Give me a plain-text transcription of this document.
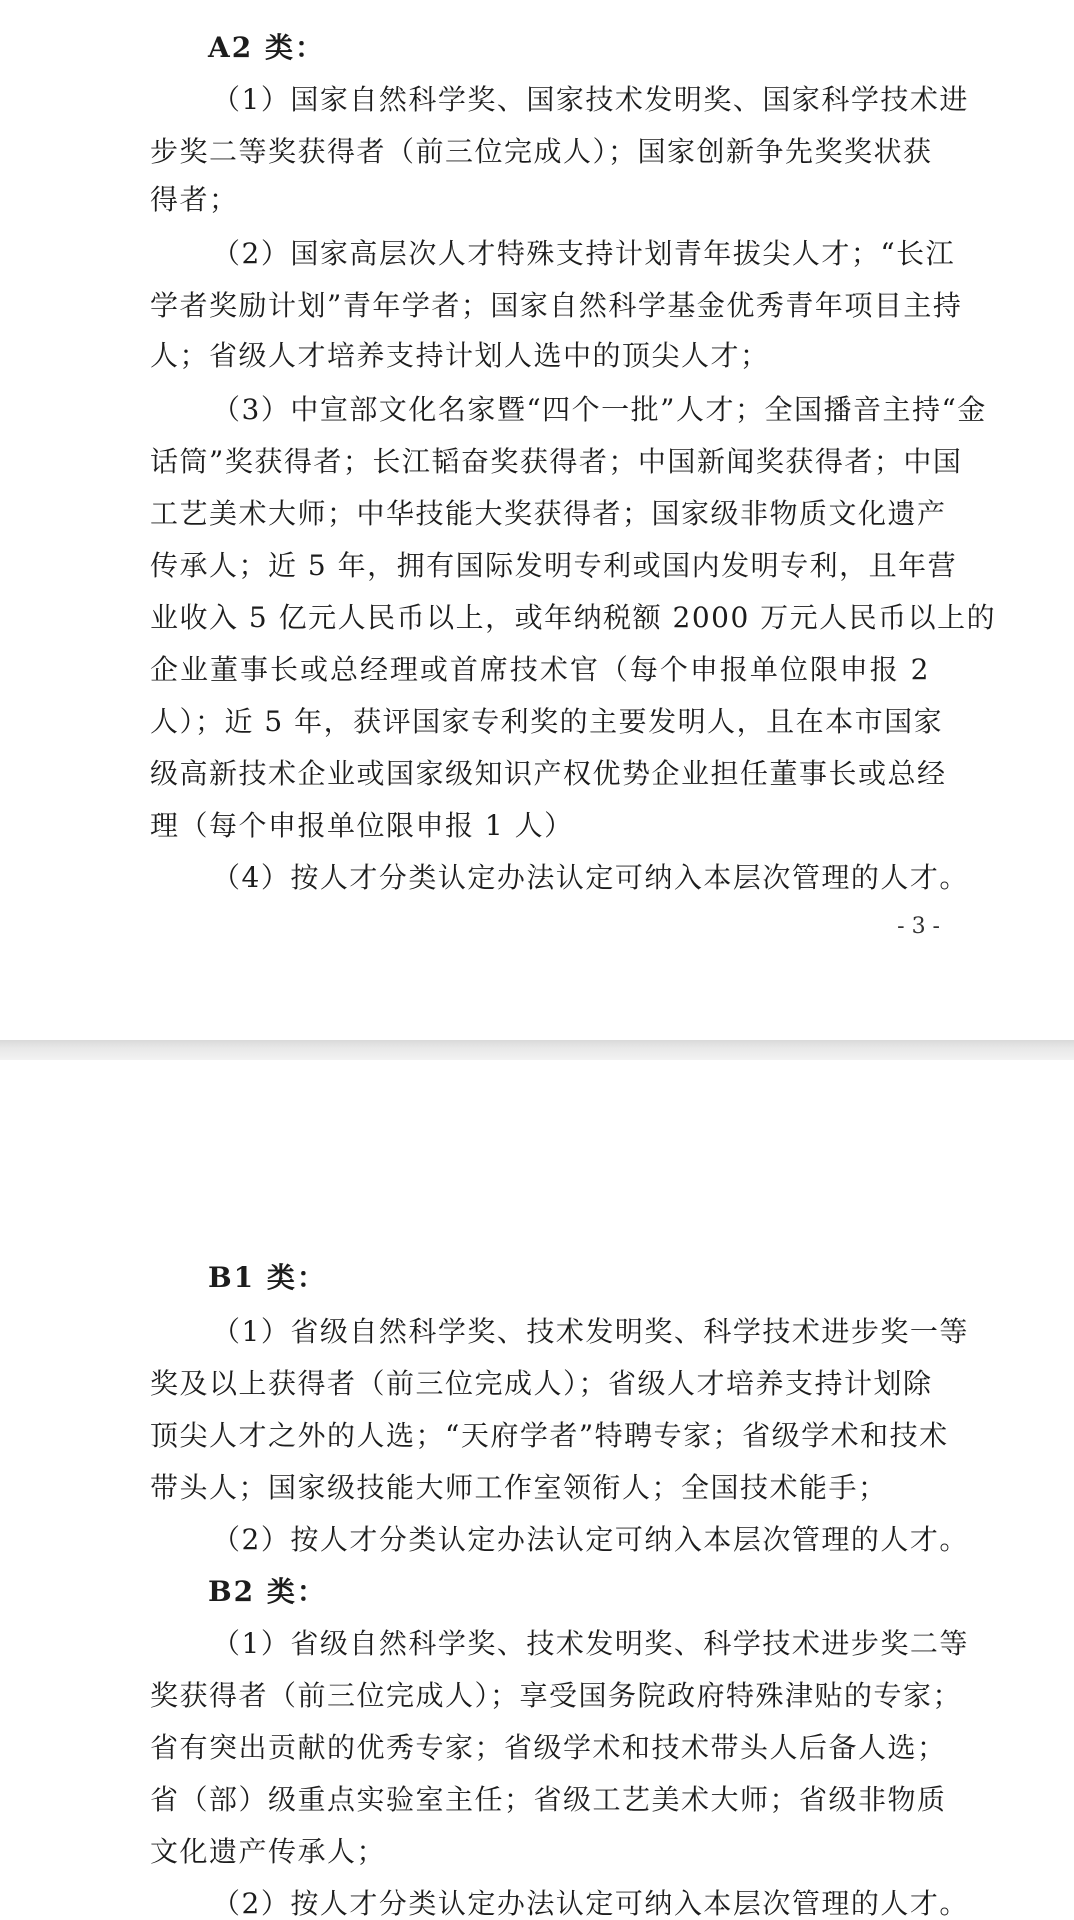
A2 类：
（1）国家自然科学奖、国家技术发明奖、国家科学技术进
步奖二等奖获得者（前三位完成人）；国家创新争先奖奖状获
得者；
（2）国家高层次人才特殊支持计划青年拔尖人才；“长江
学者奖励计划”青年学者；国家自然科学基金优秀青年项目主持
人；省级人才培养支持计划人选中的顶尖人才；
（3）中宣部文化名家暨“四个一批”人才；全国播音主持“金
话筒”奖获得者；长江韬奋奖获得者；中国新闻奖获得者；中国
工艺美术大师；中华技能大奖获得者；国家级非物质文化遗产
传承人；近 5 年，拥有国际发明专利或国内发明专利，且年营
业收入 5 亿元人民币以上，或年纳税额 2000 万元人民币以上的
企业董事长或总经理或首席技术官（每个申报单位限申报 2
人）；近 5 年，获评国家专利奖的主要发明人，且在本市国家
级高新技术企业或国家级知识产权优势企业担任董事长或总经
理（每个申报单位限申报 1 人）
（4）按人才分类认定办法认定可纳入本层次管理的人才。
- 3 -
B1 类：
（1）省级自然科学奖、技术发明奖、科学技术进步奖一等
奖及以上获得者（前三位完成人）；省级人才培养支持计划除
顶尖人才之外的人选；“天府学者”特聘专家；省级学术和技术
带头人；国家级技能大师工作室领衔人；全国技术能手；
（2）按人才分类认定办法认定可纳入本层次管理的人才。
B2 类：
（1）省级自然科学奖、技术发明奖、科学技术进步奖二等
奖获得者（前三位完成人）；享受国务院政府特殊津贴的专家；
省有突出贡献的优秀专家；省级学术和技术带头人后备人选；
省（部）级重点实验室主任；省级工艺美术大师；省级非物质
文化遗产传承人；
（2）按人才分类认定办法认定可纳入本层次管理的人才。
